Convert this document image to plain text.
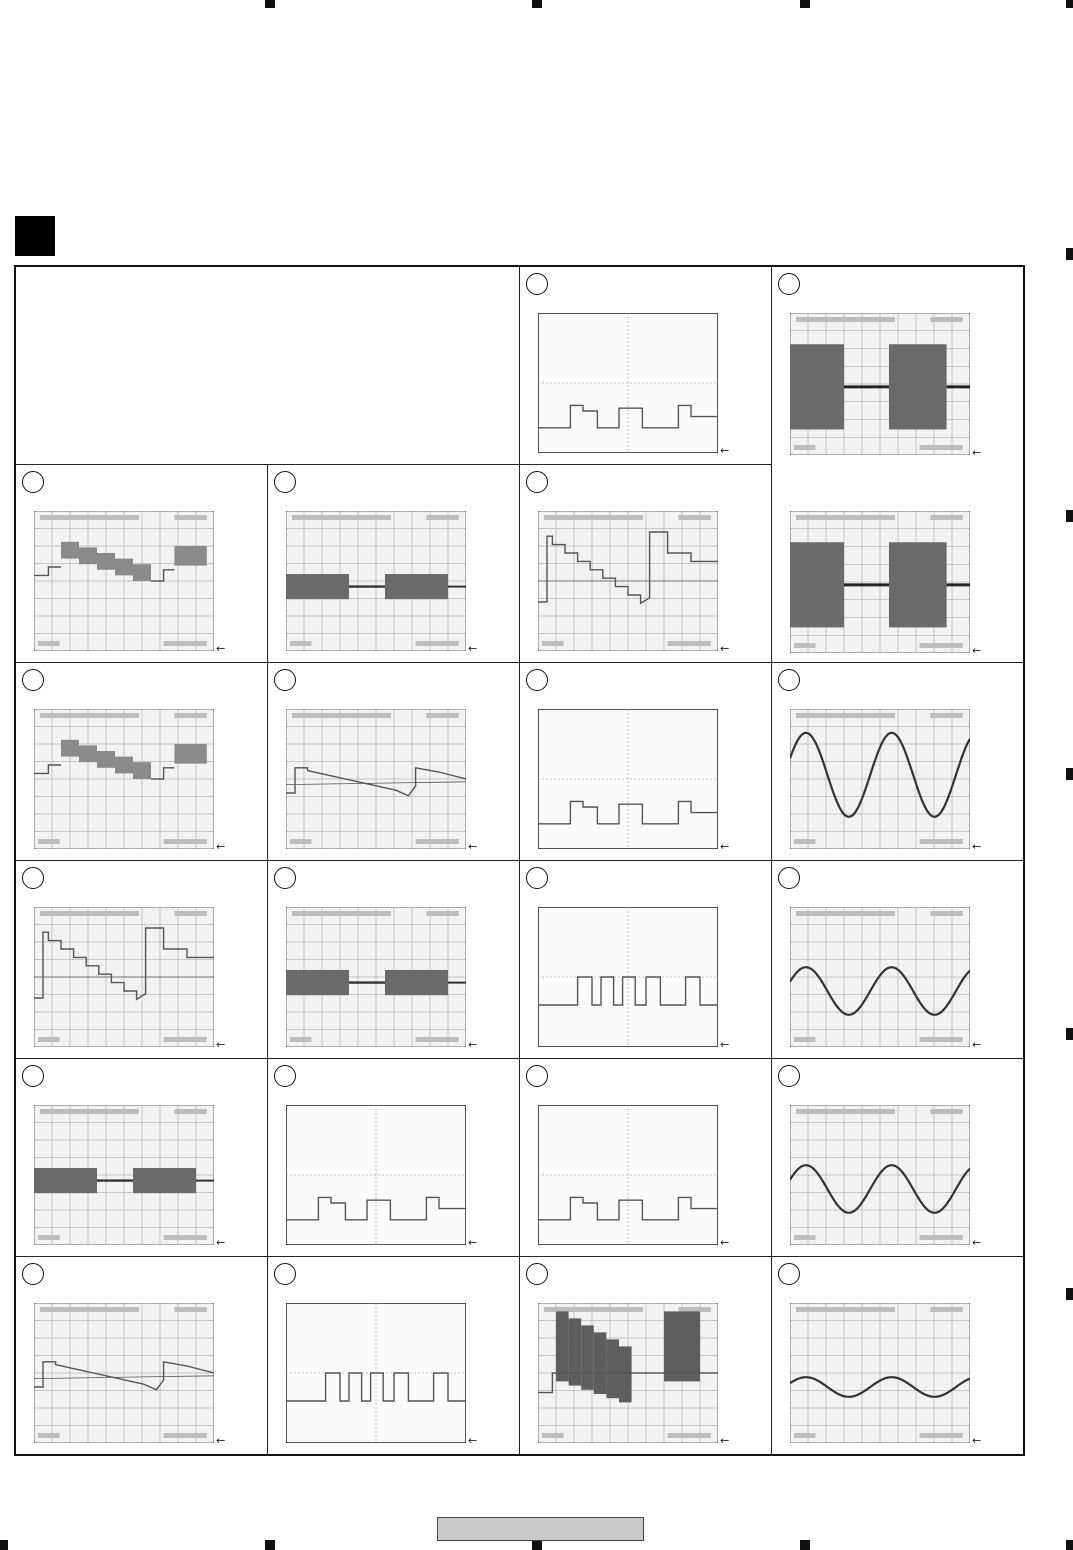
←	←
←
←	←	←
←	←	←	←
←	←	←	←
←	←	←	←
←	←	←	←
